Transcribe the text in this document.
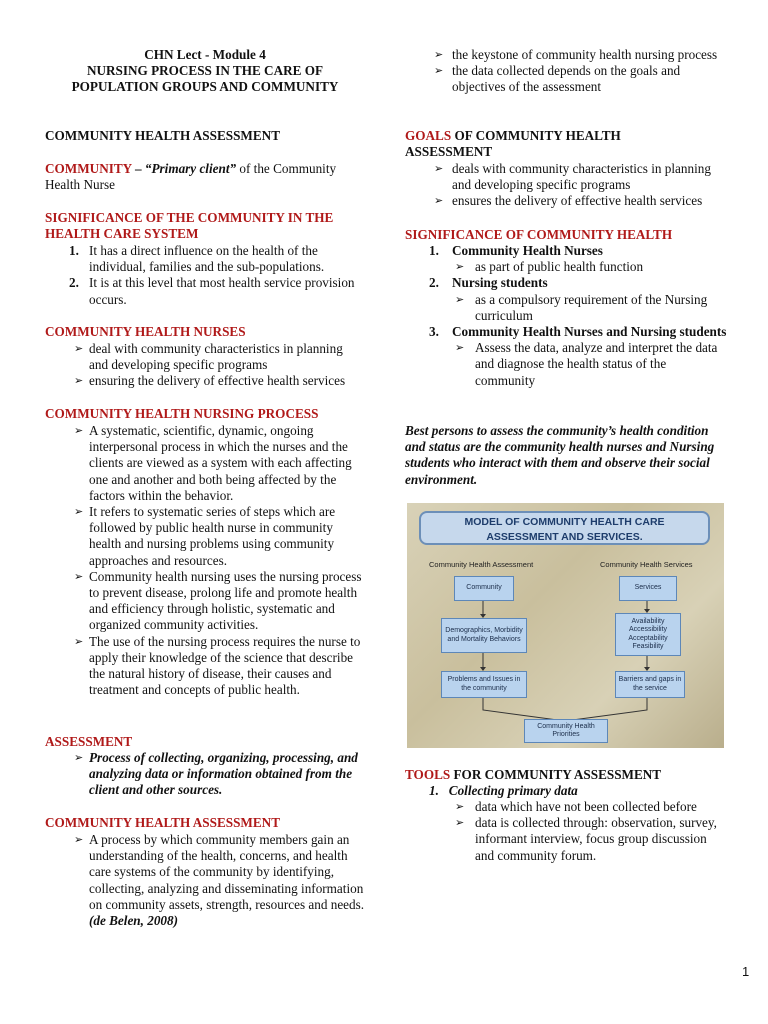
CHN Lect - Module 4
NURSING PROCESS IN THE CARE OF
POPULATION GROUPS AND COMMUNITY
COMMUNITY HEALTH ASSESSMENT
COMMUNITY – “Primary client” of the Community Health Nurse
SIGNIFICANCE OF THE COMMUNITY IN THE HEALTH CARE SYSTEM
1. It has a direct influence on the health of the individual, families and the sub-populations.
2. It is at this level that most health service provision occurs.
COMMUNITY HEALTH NURSES
➢ deal with community characteristics in planning and developing specific programs
➢ ensuring the delivery of effective health services
COMMUNITY HEALTH NURSING PROCESS
➢ A systematic, scientific, dynamic, ongoing interpersonal process in which the nurses and the clients are viewed as a system with each affecting one and another and both being affected by the factors within the behavior.
➢ It refers to systematic series of steps which are followed by public health nurse in community health and nursing problems using community approaches and resources.
➢ Community health nursing uses the nursing process to prevent disease, prolong life and promote health and efficiency through holistic, systematic and organized community activities.
➢ The use of the nursing process requires the nurse to apply their knowledge of the science that describe the natural history of disease, their causes and treatment and concepts of public health.
ASSESSMENT
➢ Process of collecting, organizing, processing, and analyzing data or information obtained from the client and other sources.
COMMUNITY HEALTH ASSESSMENT
➢ A process by which community members gain an understanding of the health, concerns, and health care systems of the community by identifying, collecting, analyzing and disseminating information on community assets, strength, resources and needs. (de Belen, 2008)
➢ the keystone of community health nursing process
➢ the data collected depends on the goals and objectives of the assessment
GOALS OF COMMUNITY HEALTH ASSESSMENT
➢ deals with community characteristics in planning and developing specific programs
➢ ensures the delivery of effective health services
SIGNIFICANCE OF COMMUNITY HEALTH
1. Community Health Nurses
➢ as part of public health function
2. Nursing students
➢ as a compulsory requirement of the Nursing curriculum
3. Community Health Nurses and Nursing students
➢ Assess the data, analyze and interpret the data and diagnose the health status of the community
Best persons to assess the community’s health condition and status are the community health nurses and Nursing students who interact with them and observe their social environment.
TOOLS FOR COMMUNITY ASSESSMENT
1. Collecting primary data
➢ data which have not been collected before
➢ data is collected through: observation, survey, informant interview, focus group discussion and community forum.
MODEL OF COMMUNITY HEALTH CARE
ASSESSMENT AND SERVICES.
Community Health Assessment	Community Health Services
Community
Demographics, Morbidity and Mortality Behaviors
Problems and Issues in the community
Services
Availability Accessibility Acceptability Feasibility
Barriers and gaps in the service
Community Health Priorities
1
